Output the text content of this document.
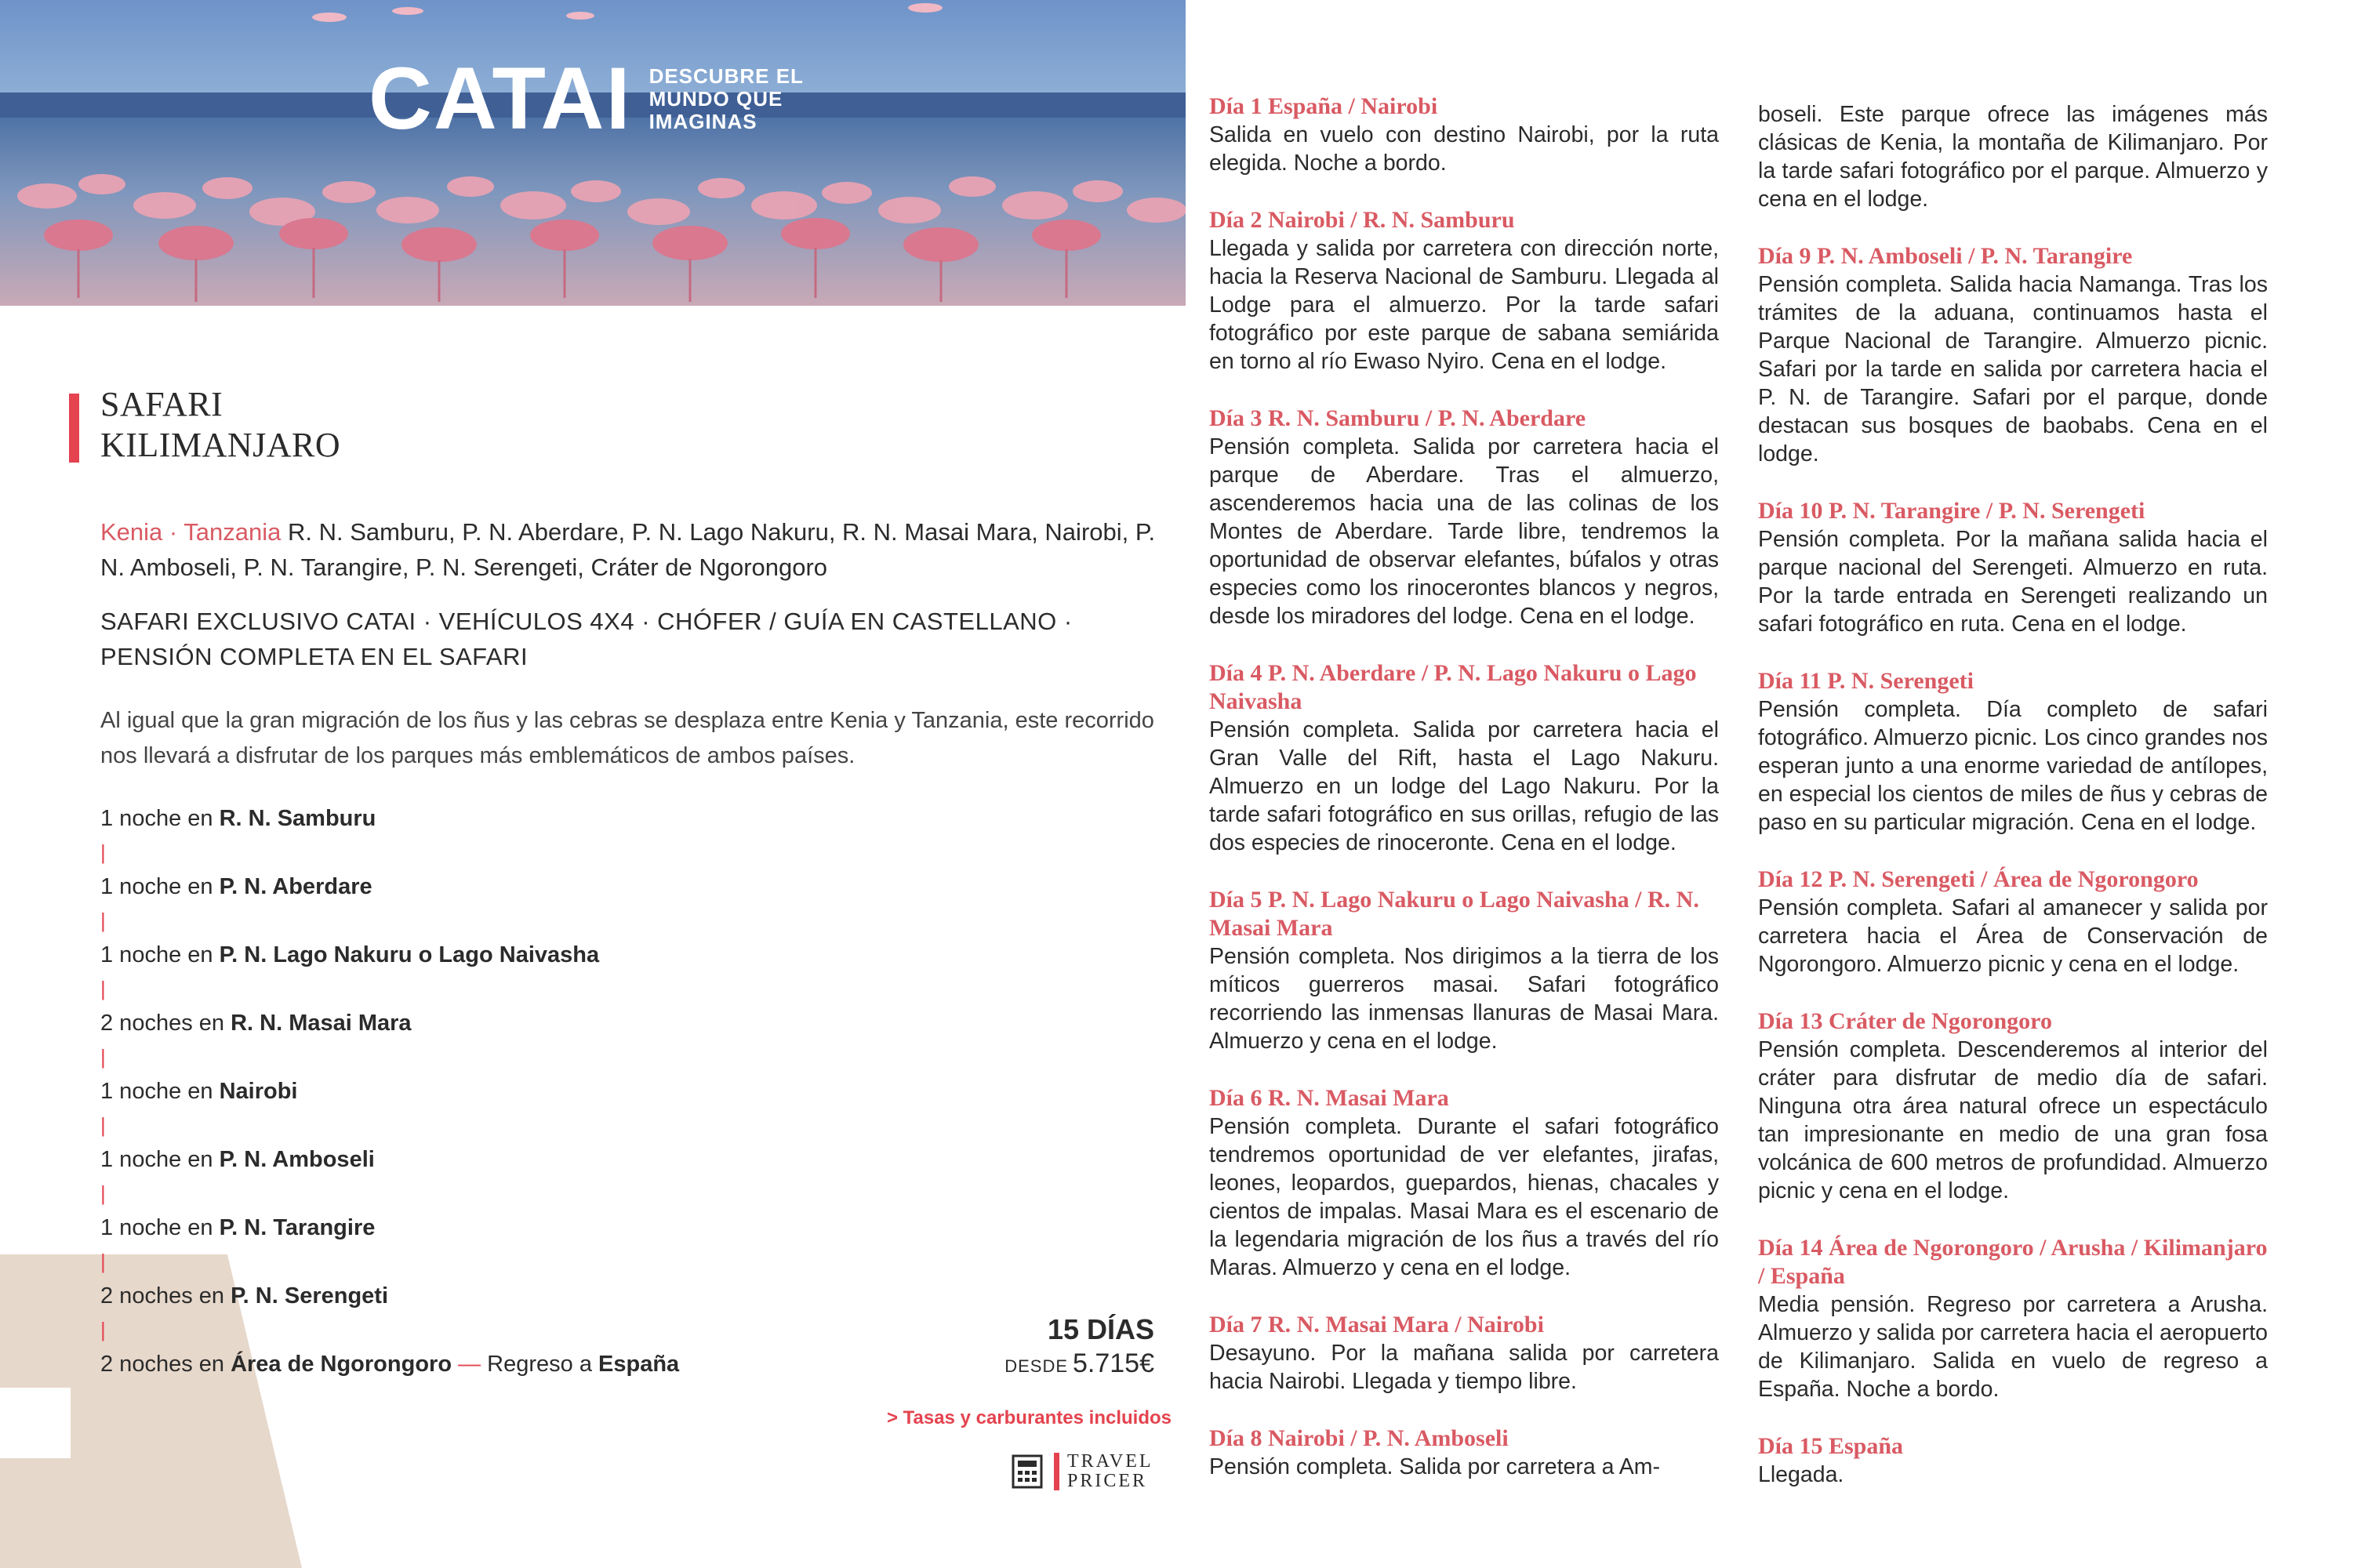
CATAI DESCUBRE EL
MUNDO QUE
IMAGINAS
SAFARI
KILIMANJARO
Kenia · Tanzania R. N. Samburu, P. N. Aberdare, P. N. Lago Nakuru, R. N. Masai Mara, Nairobi, P. N. Amboseli, P. N. Tarangire, P. N. Serengeti, Cráter de Ngorongoro
SAFARI EXCLUSIVO CATAI · VEHÍCULOS 4X4 · CHÓFER / GUÍA EN CASTELLANO · PENSIÓN COMPLETA EN EL SAFARI
Al igual que la gran migración de los ñus y las cebras se desplaza entre Kenia y Tanzania, este recorrido nos llevará a disfrutar de los parques más emblemáticos de ambos países.
1 noche en R. N. Samburu
|
1 noche en P. N. Aberdare
|
1 noche en P. N. Lago Nakuru o Lago Naivasha
|
2 noches en R. N. Masai Mara
|
1 noche en Nairobi
|
1 noche en P. N. Amboseli
|
1 noche en P. N. Tarangire
|
2 noches en P. N. Serengeti
|
2 noches en Área de Ngorongoro — Regreso a España
15 DÍAS
DESDE 5.715€
> Tasas y carburantes incluidos
TRAVEL
PRICER
Día 1 España / Nairobi
Salida en vuelo con destino Nairobi, por la ruta elegida. Noche a bordo.
Día 2 Nairobi / R. N. Samburu
Llegada y salida por carretera con dirección norte, hacia la Reserva Nacional de Samburu. Llegada al Lodge para el almuerzo. Por la tarde safari fotográfico por este parque de sabana semiárida en torno al río Ewaso Nyiro. Cena en el lodge.
Día 3 R. N. Samburu / P. N. Aberdare
Pensión completa. Salida por carretera hacia el parque de Aberdare. Tras el almuerzo, ascenderemos hacia una de las colinas de los Montes de Aberdare. Tarde libre, tendremos la oportunidad de observar elefantes, búfalos y otras especies como los rinocerontes blancos y negros, desde los miradores del lodge. Cena en el lodge.
Día 4 P. N. Aberdare / P. N. Lago Nakuru o Lago Naivasha
Pensión completa. Salida por carretera hacia el Gran Valle del Rift, hasta el Lago Nakuru. Almuerzo en un lodge del Lago Nakuru. Por la tarde safari fotográfico en sus orillas, refugio de las dos especies de rinoceronte. Cena en el lodge.
Día 5 P. N. Lago Nakuru o Lago Naivasha / R. N. Masai Mara
Pensión completa. Nos dirigimos a la tierra de los míticos guerreros masai. Safari fotográfico recorriendo las inmensas llanuras de Masai Mara. Almuerzo y cena en el lodge.
Día 6 R. N. Masai Mara
Pensión completa. Durante el safari fotográfico tendremos oportunidad de ver elefantes, jirafas, leones, leopardos, guepardos, hienas, chacales y cientos de impalas. Masai Mara es el escenario de la legendaria migración de los ñus a través del río Maras. Almuerzo y cena en el lodge.
Día 7 R. N. Masai Mara / Nairobi
Desayuno. Por la mañana salida por carretera hacia Nairobi. Llegada y tiempo libre.
Día 8 Nairobi / P. N. Amboseli
Pensión completa. Salida por carretera a Am-
boseli. Este parque ofrece las imágenes más clásicas de Kenia, la montaña de Kilimanjaro. Por la tarde safari fotográfico por el parque. Almuerzo y cena en el lodge.
Día 9 P. N. Amboseli / P. N. Tarangire
Pensión completa. Salida hacia Namanga. Tras los trámites de la aduana, continuamos hasta el Parque Nacional de Tarangire. Almuerzo picnic. Safari por la tarde en salida por carretera hacia el P. N. de Tarangire. Safari por el parque, donde destacan sus bosques de baobabs. Cena en el lodge.
Día 10 P. N. Tarangire / P. N. Serengeti
Pensión completa. Por la mañana salida hacia el parque nacional del Serengeti. Almuerzo en ruta. Por la tarde entrada en Serengeti realizando un safari fotográfico en ruta. Cena en el lodge.
Día 11 P. N. Serengeti
Pensión completa. Día completo de safari fotográfico. Almuerzo picnic. Los cinco grandes nos esperan junto a una enorme variedad de antílopes, en especial los cientos de miles de ñus y cebras de paso en su particular migración. Cena en el lodge.
Día 12 P. N. Serengeti / Área de Ngorongoro
Pensión completa. Safari al amanecer y salida por carretera hacia el Área de Conservación de Ngorongoro. Almuerzo picnic y cena en el lodge.
Día 13 Cráter de Ngorongoro
Pensión completa. Descenderemos al interior del cráter para disfrutar de medio día de safari. Ninguna otra área natural ofrece un espectáculo tan impresionante en medio de una gran fosa volcánica de 600 metros de profundidad. Almuerzo picnic y cena en el lodge.
Día 14 Área de Ngorongoro / Arusha / Kilimanjaro / España
Media pensión. Regreso por carretera a Arusha. Almuerzo y salida por carretera hacia el aeropuerto de Kilimanjaro. Salida en vuelo de regreso a España. Noche a bordo.
Día 15 España
Llegada.
